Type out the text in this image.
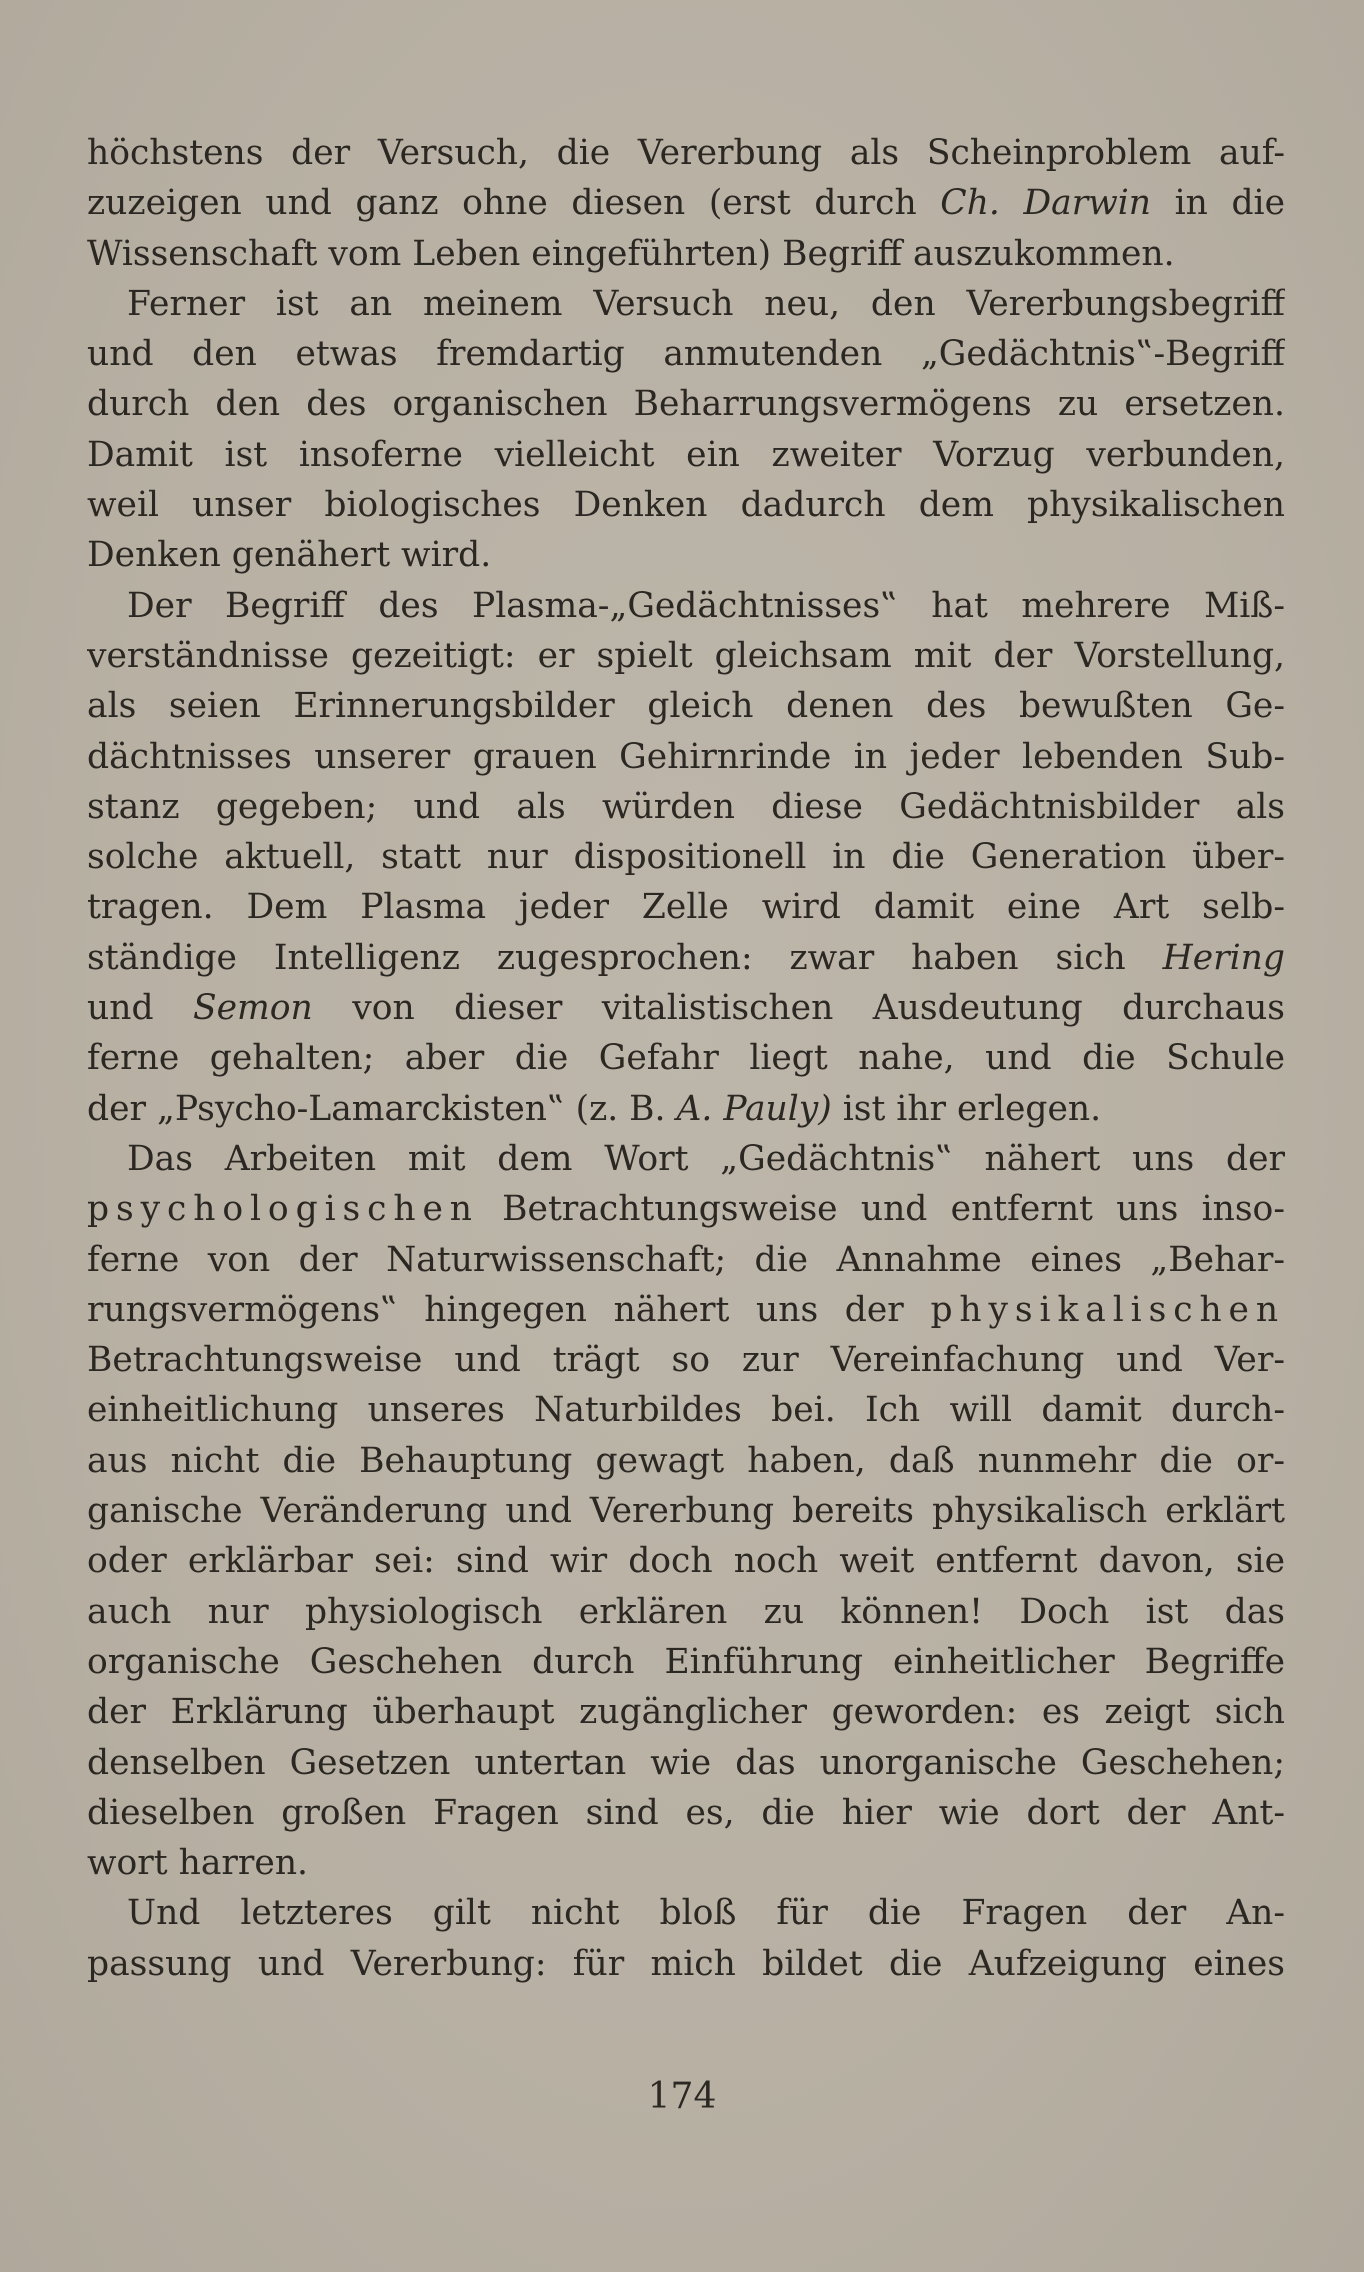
höchstens der Versuch, die Vererbung als Scheinproblem auf-
zuzeigen und ganz ohne diesen (erst durch Ch. Darwin in die
Wissenschaft vom Leben eingeführten) Begriff auszukommen.
Ferner ist an meinem Versuch neu, den Vererbungsbegriff
und den etwas fremdartig anmutenden „Gedächtnis‟-Begriff
durch den des organischen Beharrungsvermögens zu ersetzen.
Damit ist insoferne vielleicht ein zweiter Vorzug verbunden,
weil unser biologisches Denken dadurch dem physikalischen
Denken genähert wird.
Der Begriff des Plasma-„Gedächtnisses‟ hat mehrere Miß-
verständnisse gezeitigt: er spielt gleichsam mit der Vorstellung,
als seien Erinnerungsbilder gleich denen des bewußten Ge-
dächtnisses unserer grauen Gehirnrinde in jeder lebenden Sub-
stanz gegeben; und als würden diese Gedächtnisbilder als
solche aktuell, statt nur dispositionell in die Generation über-
tragen. Dem Plasma jeder Zelle wird damit eine Art selb-
ständige Intelligenz zugesprochen: zwar haben sich Hering
und Semon von dieser vitalistischen Ausdeutung durchaus
ferne gehalten; aber die Gefahr liegt nahe, und die Schule
der „Psycho-Lamarckisten‟ (z. B. A. Pauly) ist ihr erlegen.
Das Arbeiten mit dem Wort „Gedächtnis‟ nähert uns der
psychologischen Betrachtungsweise und entfernt uns inso-
ferne von der Naturwissenschaft; die Annahme eines „Behar-
rungsvermögens‟ hingegen nähert uns der physikalischen
Betrachtungsweise und trägt so zur Vereinfachung und Ver-
einheitlichung unseres Naturbildes bei. Ich will damit durch-
aus nicht die Behauptung gewagt haben, daß nunmehr die or-
ganische Veränderung und Vererbung bereits physikalisch erklärt
oder erklärbar sei: sind wir doch noch weit entfernt davon, sie
auch nur physiologisch erklären zu können! Doch ist das
organische Geschehen durch Einführung einheitlicher Begriffe
der Erklärung überhaupt zugänglicher geworden: es zeigt sich
denselben Gesetzen untertan wie das unorganische Geschehen;
dieselben großen Fragen sind es, die hier wie dort der Ant-
wort harren.
Und letzteres gilt nicht bloß für die Fragen der An-
passung und Vererbung: für mich bildet die Aufzeigung eines
174
